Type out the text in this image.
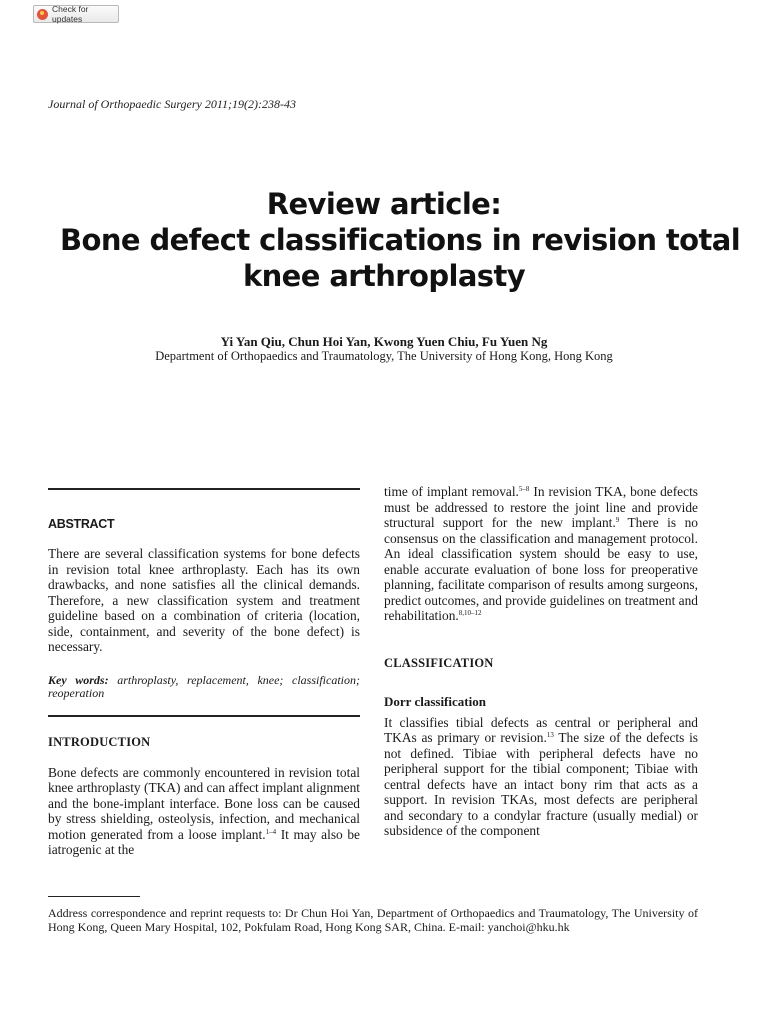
Check for updates
Journal of Orthopaedic Surgery 2011;19(2):238-43
Review article:
Bone defect classifications in revision total
knee arthroplasty
Yi Yan Qiu, Chun Hoi Yan, Kwong Yuen Chiu, Fu Yuen Ng
Department of Orthopaedics and Traumatology, The University of Hong Kong, Hong Kong
ABSTRACT

There are several classification systems for bone defects in revision total knee arthroplasty. Each has its own drawbacks, and none satisfies all the clinical demands. Therefore, a new classification system and treatment guideline based on a combination of criteria (location, side, containment, and severity of the bone defect) is necessary.

Key words: arthroplasty, replacement, knee; classification; reoperation

INTRODUCTION

Bone defects are commonly encountered in revision total knee arthroplasty (TKA) and can affect implant alignment and the bone-implant interface. Bone loss can be caused by stress shielding, osteolysis, infection, and mechanical motion generated from a loose implant.$^{1-4}$ It may also be iatrogenic at the

time of implant removal.$^{5-8}$ In revision TKA, bone defects must be addressed to restore the joint line and provide structural support for the new implant.$^9$ There is no consensus on the classification and management protocol. An ideal classification system should be easy to use, enable accurate evaluation of bone loss for preoperative planning, facilitate comparison of results among surgeons, predict outcomes, and provide guidelines on treatment and rehabilitation.$^{8,10-12}$

CLASSIFICATION
Dorr classification

It classifies tibial defects as central or peripheral and TKAs as primary or revision.$^{13}$ The size of the defects is not defined. Tibiae with peripheral defects have no peripheral support for the tibial component; Tibiae with central defects have an intact bony rim that acts as a support. In revision TKAs, most defects are peripheral and secondary to a condylar fracture (usually medial) or subsidence of the component

Address correspondence and reprint requests to: Dr Chun Hoi Yan, Department of Orthopaedics and Traumatology, The University of Hong Kong, Queen Mary Hospital, 102, Pokfulam Road, Hong Kong SAR, China. E-mail: yanchoi@hku.hk
